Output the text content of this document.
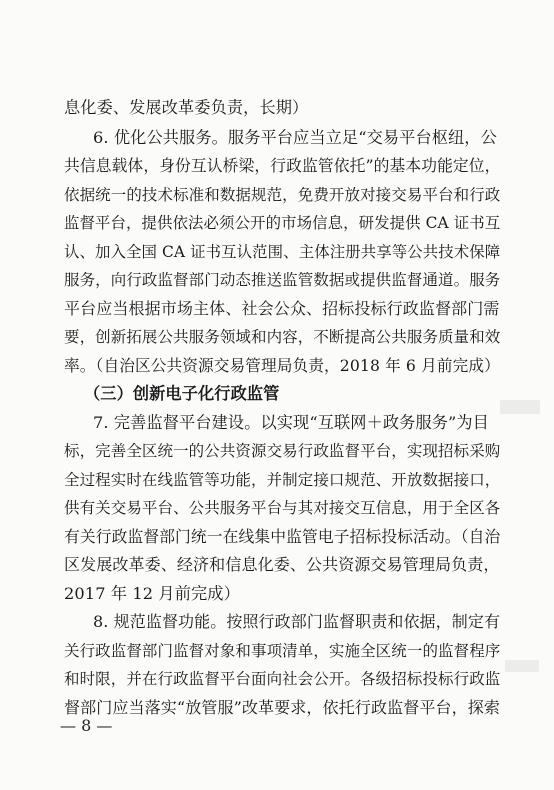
息化委、发展改革委负责，长期）
6. 优化公共服务。服务平台应当立足“交易平台枢纽，公
共信息载体，身份互认桥梁，行政监管依托”的基本功能定位，
依据统一的技术标准和数据规范，免费开放对接交易平台和行政
监督平台，提供依法必须公开的市场信息，研发提供 CA 证书互
认、加入全国 CA 证书互认范围、主体注册共享等公共技术保障
服务，向行政监督部门动态推送监管数据或提供监督通道。服务
平台应当根据市场主体、社会公众、招标投标行政监督部门需
要，创新拓展公共服务领域和内容，不断提高公共服务质量和效
率。（自治区公共资源交易管理局负责，2018 年 6 月前完成）
（三）创新电子化行政监管
7. 完善监督平台建设。以实现“互联网＋政务服务”为目
标，完善全区统一的公共资源交易行政监督平台，实现招标采购
全过程实时在线监管等功能，并制定接口规范、开放数据接口，
供有关交易平台、公共服务平台与其对接交互信息，用于全区各
有关行政监督部门统一在线集中监管电子招标投标活动。（自治
区发展改革委、经济和信息化委、公共资源交易管理局负责，
2017 年 12 月前完成）
8. 规范监督功能。按照行政部门监督职责和依据，制定有
关行政监督部门监督对象和事项清单，实施全区统一的监督程序
和时限，并在行政监督平台面向社会公开。各级招标投标行政监
督部门应当落实“放管服”改革要求，依托行政监督平台，探索
— 8 —
